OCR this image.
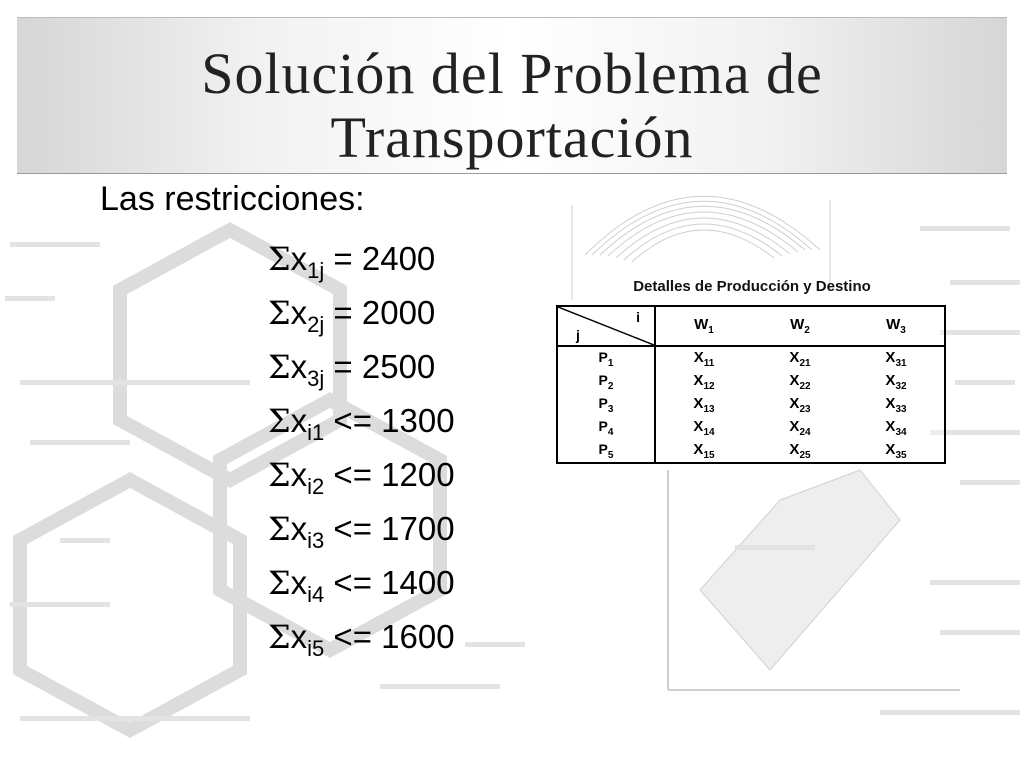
Solución del Problema de
Transportación
Las restricciones:
$\Sigma x_{1j} = 2400$
$\Sigma x_{2j} = 2000$
$\Sigma x_{3j} = 2500$
$\Sigma x_{i1} <= 1300$
$\Sigma x_{i2} <= 1200$
$\Sigma x_{i3} <= 1700$
$\Sigma x_{i4} <= 1400$
$\Sigma x_{i5} <= 1600$
Detalles de Producción y Destino
i
j	$W_1$	$W_2$	$W_3$
$P_1$	$X_{11}$	$X_{21}$	$X_{31}$
$P_2$	$X_{12}$	$X_{22}$	$X_{32}$
$P_3$	$X_{13}$	$X_{23}$	$X_{33}$
$P_4$	$X_{14}$	$X_{24}$	$X_{34}$
$P_5$	$X_{15}$	$X_{25}$	$X_{35}$
